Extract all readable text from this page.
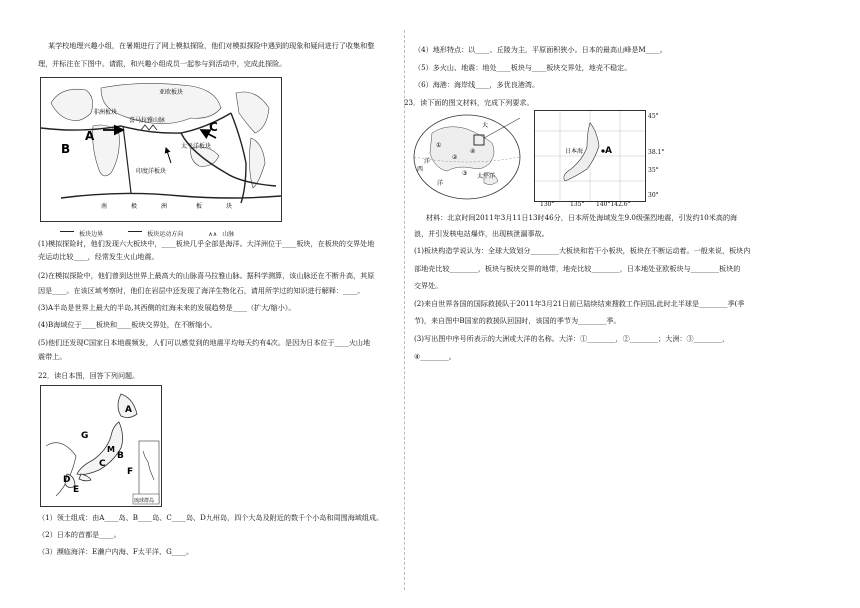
某学校地理兴趣小组，在暑期进行了网上模拟探险，他们对模拟探险中遇到的现象和疑问进行了收集和整
理，并标注在下图中。请跟，和兴趣小组成员一起参与到活动中，完成此探险。
亚欧板块
非洲板块
喜马拉雅山脉
太平洋板块
印度洋板块
南	极	洲	板	块
A
B
C
板块边界	板块运动方向	∧∧ 山脉
(1)模拟探险时，他们发现六大板块中，____板块几乎全部是海洋。大洋洲位于____板块，在板块的交界处地
壳运动比较____，经常发生火山地震。
(2)在模拟探险中，他们曾到达世界上最高大的山脉喜马拉雅山脉。据科学测算，该山脉还在不断升高，其原
因是____。在该区域考察时，他们在岩层中还发现了海洋生物化石，请用所学过的知识进行解释：____。
(3)A半岛是世界上最大的半岛,其西侧的红海未来的发展趋势是____（扩大/缩小）。
(4)B海域位于____板块和____板块交界处，在不断缩小。
(5)他们还发现C国家日本地震频发，人们可以感觉到的地震平均每天约有4次。是因为日本位于____火山地
震带上。
22．读日本图，回答下列问题。
琉球群岛
A
B
C
D
E
F
G
M
（1）领土组成：由A____岛、B____岛、C____岛、D九州岛，四个大岛及附近的数千个小岛和周围海域组成。
（2）日本的首都是____。
（3）濒临海洋：E濑户内海、F太平洋、G____。
（4）地形特点：以____、丘陵为主，平原面积狭小。日本的最高山峰是M____。
（5）多火山、地震：地处____板块与____板块交界处，地壳不稳定。
（6）海港：海岸线____，多优良港湾。
23．读下面的图文材料，完成下列要求。
大
洋
西
洋
太平洋
①
②
③
④	日本海 A
45°
38.1°
35°
30°
130°	135° 140°142.6°
材料：北京时间2011年3月11日13时46分，日本所处海域发生9.0级强烈地震，引发约10米高的海
浪，并引发核电站爆炸，出现核泄漏事故。
(1)板块构造学说认为：全球大致划分________大板块和若干小板块，板块在不断运动着。一般来说，板块内
部地壳比较________，板块与板块交界的地带，地壳比较________，日本地处亚欧板块与________板块的
交界处。
(2)来自世界各国的国际救援队于2011年3月21日前已陆续结束搜救工作回国,此时北半球是________季(季
节)，来自图中B国家的救援队回国时，该国的季节为________季。
(3)写出图中序号所表示的大洲或大洋的名称。大洋：①________，②________；大洲：③________，
④________。
